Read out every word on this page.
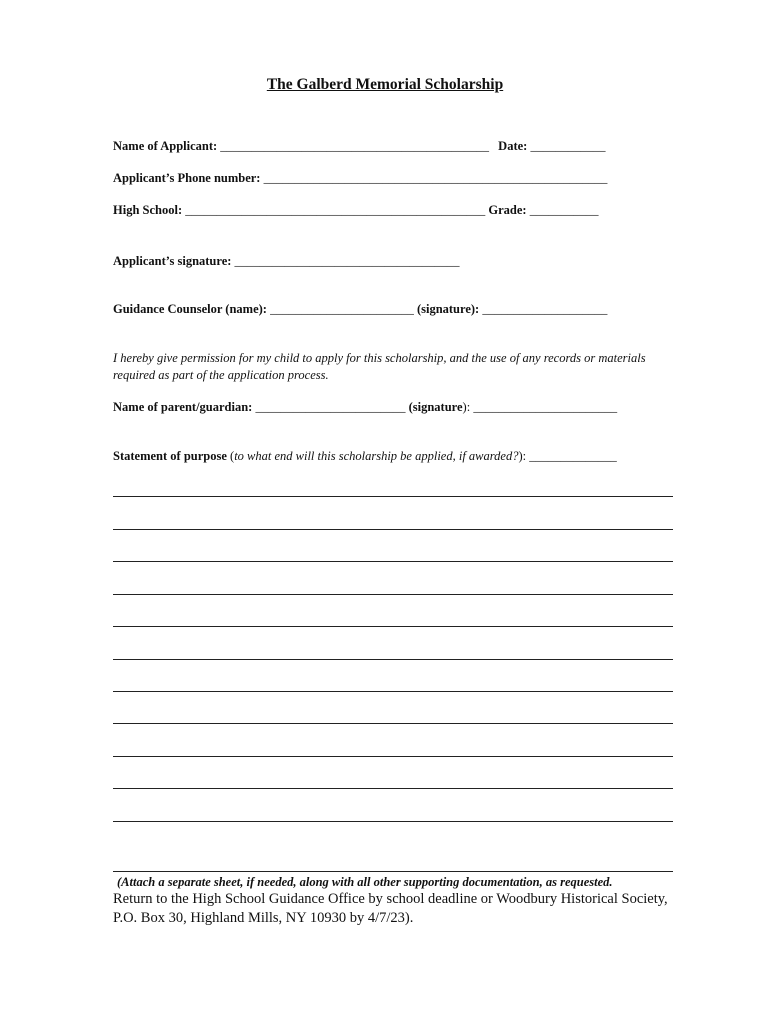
The Galberd Memorial Scholarship
Name of Applicant: ___________________________________________ Date: ____________
Applicant’s Phone number: _______________________________________________________
High School: ________________________________________________ Grade: ___________
Applicant’s signature: ____________________________________
Guidance Counselor (name): _______________________ (signature): ____________________
I hereby give permission for my child to apply for this scholarship, and the use of any records or materials required as part of the application process.
Name of parent/guardian: ________________________ (signature): _______________________
Statement of purpose (to what end will this scholarship be applied, if awarded?): ______________
(Attach a separate sheet, if needed, along with all other supporting documentation, as requested.
Return to the High School Guidance Office by school deadline or Woodbury Historical Society, P.O. Box 30, Highland Mills, NY 10930 by 4/7/23).
